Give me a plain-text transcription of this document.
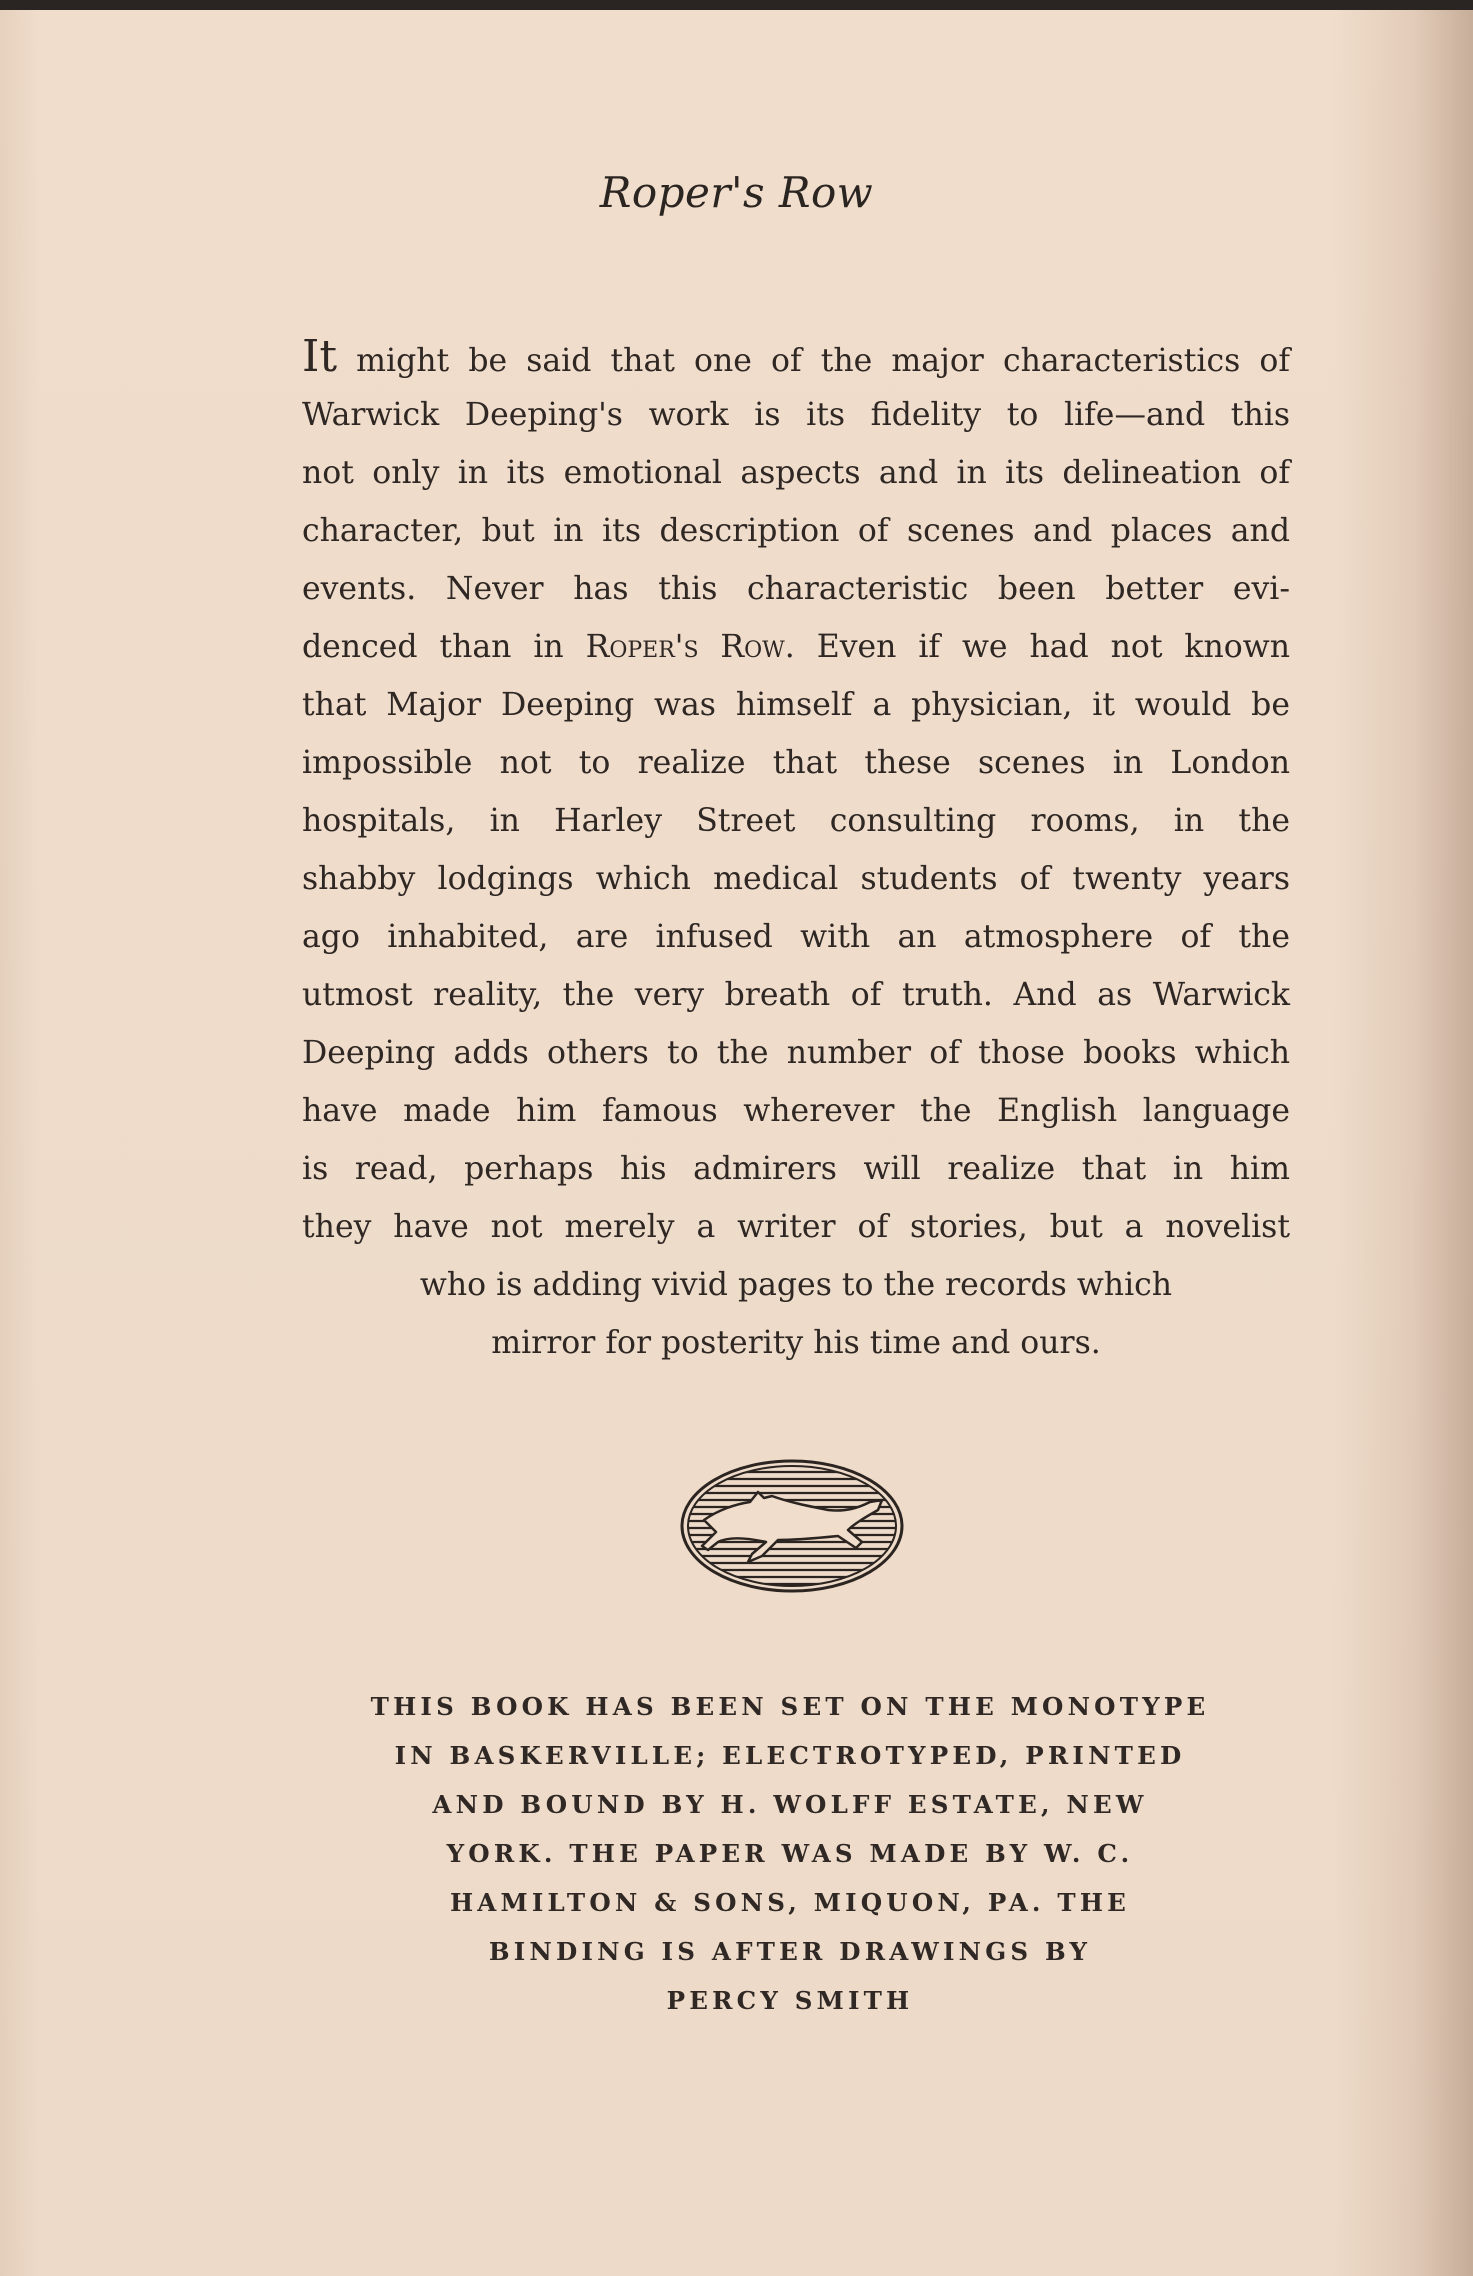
Roper's Row
It might be said that one of the major characteristics of
Warwick Deeping's work is its fidelity to life—and this
not only in its emotional aspects and in its delineation of
character, but in its description of scenes and places and
events. Never has this characteristic been better evi-
denced than in Roper's Row. Even if we had not known
that Major Deeping was himself a physician, it would be
impossible not to realize that these scenes in London
hospitals, in Harley Street consulting rooms, in the
shabby lodgings which medical students of twenty years
ago inhabited, are infused with an atmosphere of the
utmost reality, the very breath of truth. And as Warwick
Deeping adds others to the number of those books which
have made him famous wherever the English language
is read, perhaps his admirers will realize that in him
they have not merely a writer of stories, but a novelist
who is adding vivid pages to the records which
mirror for posterity his time and ours.
THIS BOOK HAS BEEN SET ON THE MONOTYPE
IN BASKERVILLE; ELECTROTYPED, PRINTED
AND BOUND BY H. WOLFF ESTATE, NEW
YORK. THE PAPER WAS MADE BY W. C.
HAMILTON & SONS, MIQUON, PA. THE
BINDING IS AFTER DRAWINGS BY
PERCY SMITH
